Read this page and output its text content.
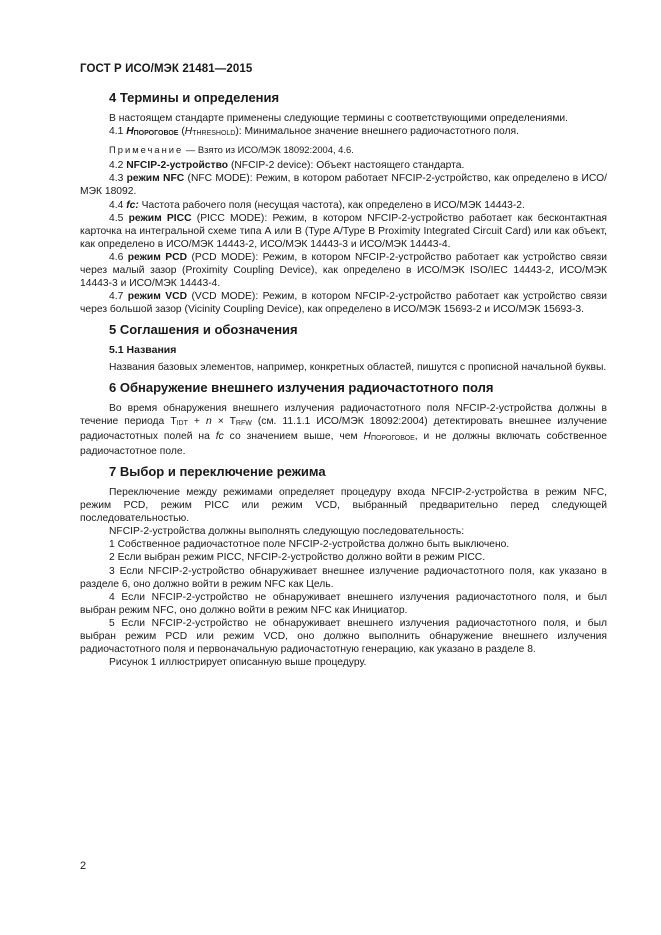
ГОСТ Р ИСО/МЭК 21481—2015
4 Термины и определения

В настоящем стандарте применены следующие термины с соответствующими определениями.

4.1 HПОРОГОВОЕ (HTHRESHOLD): Минимальное значение внешнего радиочастотного поля.

Примечание — Взято из ИСО/МЭК 18092:2004, 4.6.

4.2 NFCIP-2-устройство (NFCIP-2 device): Объект настоящего стандарта.

4.3 режим NFC (NFC MODE): Режим, в котором работает NFCIP-2-устройство, как определено в ИСО/МЭК 18092.

4.4 fc: Частота рабочего поля (несущая частота), как определено в ИСО/МЭК 14443-2.

4.5 режим PICC (PICC MODE): Режим, в котором NFCIP-2-устройство работает как бесконтактная карточка на интегральной схеме типа А или В (Type A/Type B Proximity Integrated Circuit Card) или как объект, как определено в ИСО/МЭК 14443-2, ИСО/МЭК 14443-3 и ИСО/МЭК 14443-4.

4.6 режим PCD (PCD MODE): Режим, в котором NFCIP-2-устройство работает как устройство связи через малый зазор (Proximity Coupling Device), как определено в ИСО/МЭК ISO/IEC 14443-2, ИСО/МЭК 14443-3 и ИСО/МЭК 14443-4.

4.7 режим VCD (VCD MODE): Режим, в котором NFCIP-2-устройство работает как устройство связи через большой зазор (Vicinity Coupling Device), как определено в ИСО/МЭК 15693-2 и ИСО/МЭК 15693-3.

5 Соглашения и обозначения
5.1 Названия

Названия базовых элементов, например, конкретных областей, пишутся с прописной начальной буквы.

6 Обнаружение внешнего излучения радиочастотного поля

Во время обнаружения внешнего излучения радиочастотного поля NFCIP-2-устройства должны в течение периода TIDT + n × TRFW (см. 11.1.1 ИСО/МЭК 18092:2004) детектировать внешнее излучение радиочастотных полей на fc со значением выше, чем HПОРОГОВОЕ, и не должны включать собственное радиочастотное поле.

7 Выбор и переключение режима

Переключение между режимами определяет процедуру входа NFCIP-2-устройства в режим NFC, режим PCD, режим PICC или режим VCD, выбранный предварительно перед следующей последовательностью.

NFCIP-2-устройства должны выполнять следующую последовательность:

1 Собственное радиочастотное поле NFCIP-2-устройства должно быть выключено.

2 Если выбран режим PICC, NFCIP-2-устройство должно войти в режим PICC.

3 Если NFCIP-2-устройство обнаруживает внешнее излучение радиочастотного поля, как указано в разделе 6, оно должно войти в режим NFC как Цель.

4 Если NFCIP-2-устройство не обнаруживает внешнего излучения радиочастотного поля, и был выбран режим NFC, оно должно войти в режим NFC как Инициатор.

5 Если NFCIP-2-устройство не обнаруживает внешнего излучения радиочастотного поля, и был выбран режим PCD или режим VCD, оно должно выполнить обнаружение внешнего излучения радиочастотного поля и первоначальную радиочастотную генерацию, как указано в разделе 8.

Рисунок 1 иллюстрирует описанную выше процедуру.

2
